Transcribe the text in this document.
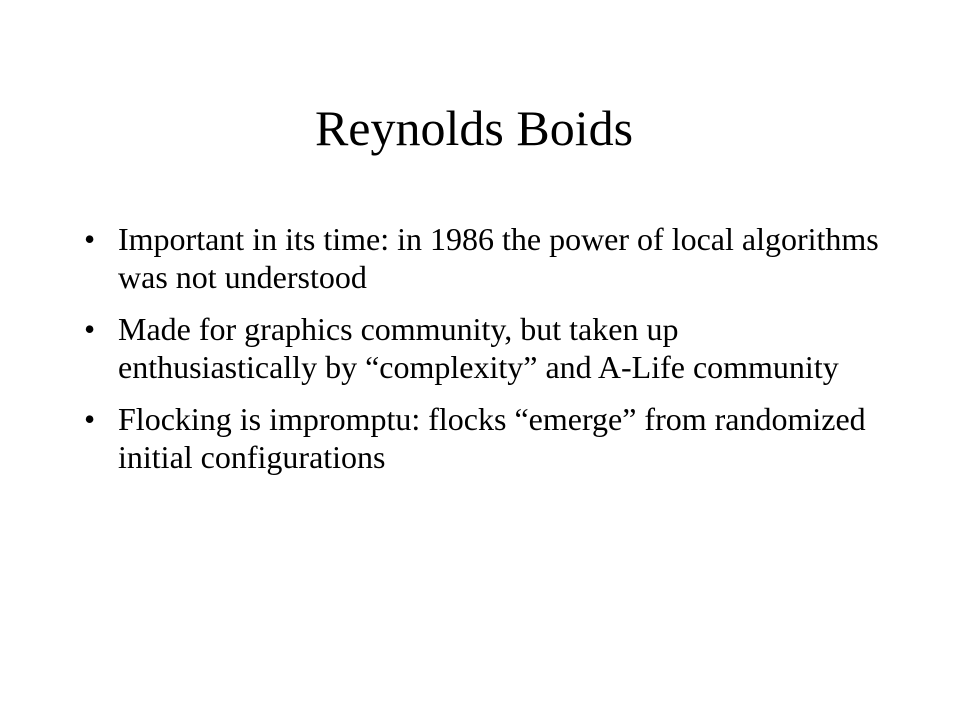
Reynolds Boids
• Important in its time: in 1986 the power of local algorithms was not understood
• Made for graphics community, but taken up enthusiastically by “complexity” and A-Life community
• Flocking is impromptu: flocks “emerge” from randomized initial configurations
